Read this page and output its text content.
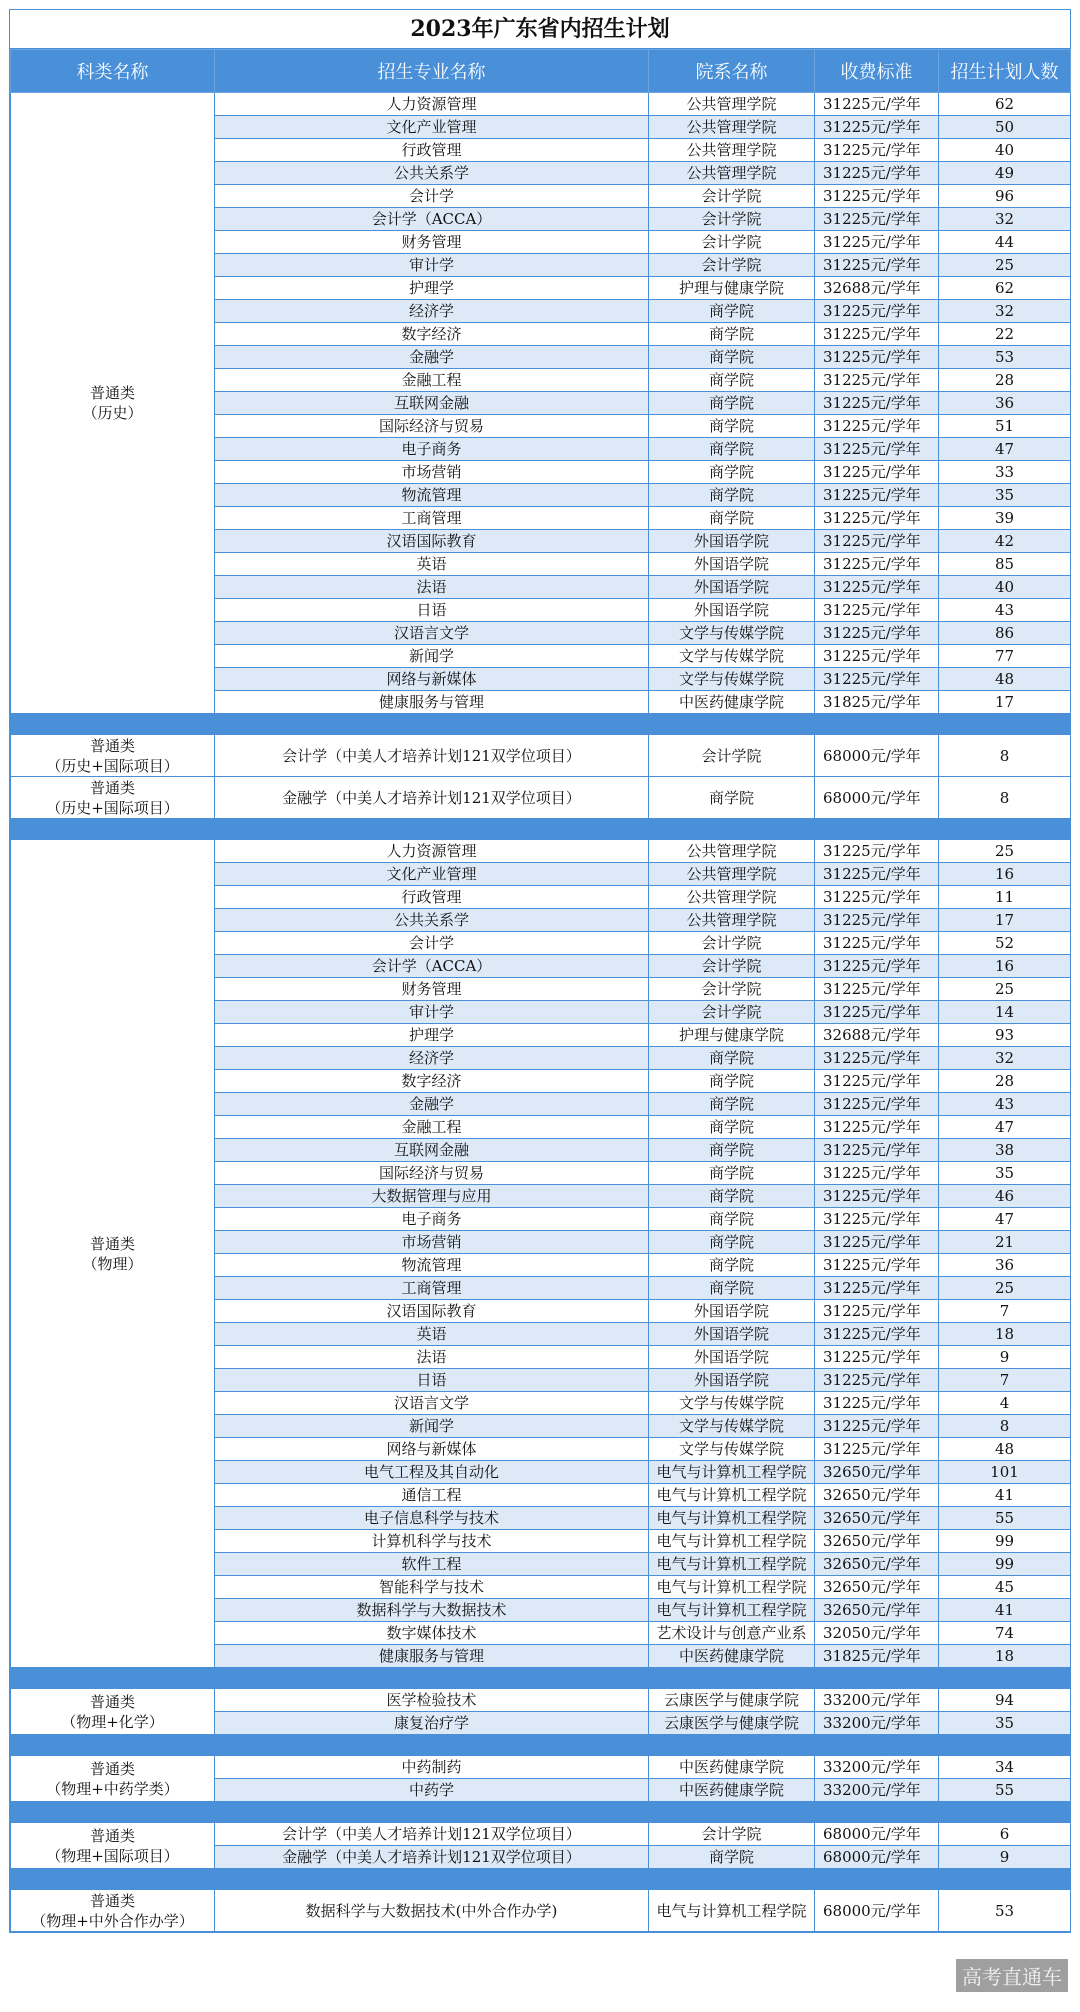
2023年广东省内招生计划
科类名称	招生专业名称	院系名称	收费标准	招生计划人数
普通类
（历史）	人力资源管理	公共管理学院	31225元/学年	62
	文化产业管理	公共管理学院	31225元/学年	50
	行政管理	公共管理学院	31225元/学年	40
	公共关系学	公共管理学院	31225元/学年	49
	会计学	会计学院	31225元/学年	96
	会计学（ACCA）	会计学院	31225元/学年	32
	财务管理	会计学院	31225元/学年	44
	审计学	会计学院	31225元/学年	25
	护理学	护理与健康学院	32688元/学年	62
	经济学	商学院	31225元/学年	32
	数字经济	商学院	31225元/学年	22
	金融学	商学院	31225元/学年	53
	金融工程	商学院	31225元/学年	28
	互联网金融	商学院	31225元/学年	36
	国际经济与贸易	商学院	31225元/学年	51
	电子商务	商学院	31225元/学年	47
	市场营销	商学院	31225元/学年	33
	物流管理	商学院	31225元/学年	35
	工商管理	商学院	31225元/学年	39
	汉语国际教育	外国语学院	31225元/学年	42
	英语	外国语学院	31225元/学年	85
	法语	外国语学院	31225元/学年	40
	日语	外国语学院	31225元/学年	43
	汉语言文学	文学与传媒学院	31225元/学年	86
	新闻学	文学与传媒学院	31225元/学年	77
	网络与新媒体	文学与传媒学院	31225元/学年	48
	健康服务与管理	中医药健康学院	31825元/学年	17

普通类
（历史+国际项目）	会计学（中美人才培养计划121双学位项目）	会计学院	68000元/学年	8
普通类
（历史+国际项目）	金融学（中美人才培养计划121双学位项目）	商学院	68000元/学年	8

普通类
（物理）	人力资源管理	公共管理学院	31225元/学年	25
	文化产业管理	公共管理学院	31225元/学年	16
	行政管理	公共管理学院	31225元/学年	11
	公共关系学	公共管理学院	31225元/学年	17
	会计学	会计学院	31225元/学年	52
	会计学（ACCA）	会计学院	31225元/学年	16
	财务管理	会计学院	31225元/学年	25
	审计学	会计学院	31225元/学年	14
	护理学	护理与健康学院	32688元/学年	93
	经济学	商学院	31225元/学年	32
	数字经济	商学院	31225元/学年	28
	金融学	商学院	31225元/学年	43
	金融工程	商学院	31225元/学年	47
	互联网金融	商学院	31225元/学年	38
	国际经济与贸易	商学院	31225元/学年	35
	大数据管理与应用	商学院	31225元/学年	46
	电子商务	商学院	31225元/学年	47
	市场营销	商学院	31225元/学年	21
	物流管理	商学院	31225元/学年	36
	工商管理	商学院	31225元/学年	25
	汉语国际教育	外国语学院	31225元/学年	7
	英语	外国语学院	31225元/学年	18
	法语	外国语学院	31225元/学年	9
	日语	外国语学院	31225元/学年	7
	汉语言文学	文学与传媒学院	31225元/学年	4
	新闻学	文学与传媒学院	31225元/学年	8
	网络与新媒体	文学与传媒学院	31225元/学年	48
	电气工程及其自动化	电气与计算机工程学院	32650元/学年	101
	通信工程	电气与计算机工程学院	32650元/学年	41
	电子信息科学与技术	电气与计算机工程学院	32650元/学年	55
	计算机科学与技术	电气与计算机工程学院	32650元/学年	99
	软件工程	电气与计算机工程学院	32650元/学年	99
	智能科学与技术	电气与计算机工程学院	32650元/学年	45
	数据科学与大数据技术	电气与计算机工程学院	32650元/学年	41
	数字媒体技术	艺术设计与创意产业系	32050元/学年	74
	健康服务与管理	中医药健康学院	31825元/学年	18

普通类
（物理+化学）	医学检验技术	云康医学与健康学院	33200元/学年	94
	康复治疗学	云康医学与健康学院	33200元/学年	35

普通类
（物理+中药学类）	中药制药	中医药健康学院	33200元/学年	34
	中药学	中医药健康学院	33200元/学年	55

普通类
（物理+国际项目）	会计学（中美人才培养计划121双学位项目）	会计学院	68000元/学年	6
	金融学（中美人才培养计划121双学位项目）	商学院	68000元/学年	9

普通类
（物理+中外合作办学）	数据科学与大数据技术(中外合作办学)	电气与计算机工程学院	68000元/学年	53
高考直通车
